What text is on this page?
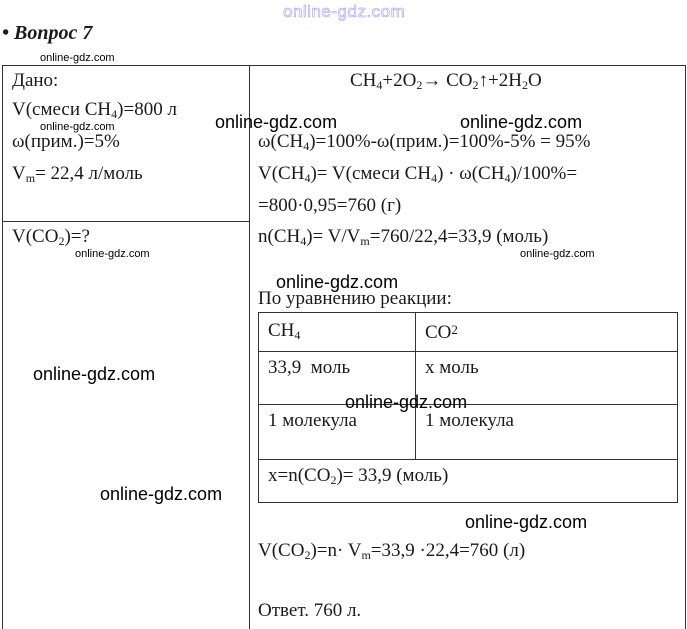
online-gdz.com
• Вопрос 7
online-gdz.com
Дано:
V(смеси $CH_4)=800$ л
ω(прим.)=5%
$V_m= 22,4$ л/моль
$V(CO_2)=$?
$CH_4+2O_2\to$ $CO_2↑+2H_2O$
$\omega(CH_4)=100\%-\omega(прим.)=100\%-5\% = 95\%$
$V(CH_4)=$ V(смеси $CH_4) \cdot \omega(CH_4)/100\%=$
=800·0,95=760 (г)
$n(CH_4)= V/V_m=760/22,4=33,9$ (моль)
По уравнению реакции:
$CH_4$	$CO^2$
33,9  моль	х моль
1 молекула	1 молекула
$х=n(CO_2)= 33,9$ (моль)
$V(CO_2)=n\cdot V_m=33,9 \cdot 22,4=760$ (л)
Ответ. 760 л.
online-gdz.com	online-gdz.com
online-gdz.com
online-gdz.com	online-gdz.com
online-gdz.com
online-gdz.com
online-gdz.com
online-gdz.com
online-gdz.com
